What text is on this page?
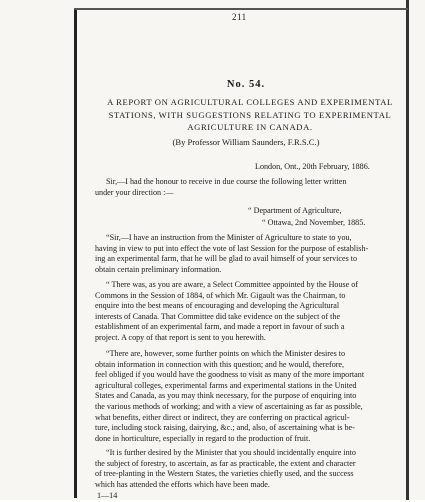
211
No. 54.
A REPORT ON AGRICULTURAL COLLEGES AND EXPERIMENTAL
STATIONS, WITH SUGGESTIONS RELATING TO EXPERIMENTAL
AGRICULTURE IN CANADA.
(By Professor William Saunders, F.R.S.C.)
London, Ont., 20th February, 1886.
Sir,—I had the honour to receive in due course the following letter written
under your direction :—
“ Department of Agriculture,
“ Ottawa, 2nd November, 1885.
“Sir,—I have an instruction from the Minister of Agriculture to state to you,
having in view to put into effect the vote of last Session for the purpose of establish-
ing an experimental farm, that he will be glad to avail himself of your services to
obtain certain preliminary information.
“ There was, as you are aware, a Select Committee appointed by the House of
Commons in the Session of 1884, of which Mr. Gigault was the Chairman, to
enquire into the best means of encouraging and developing the Agricultural
interests of Canada. That Committee did take evidence on the subject of the
establishment of an experimental farm, and made a report in favour of such a
project. A copy of that report is sent to you herewith.
“There are, however, some further points on which the Minister desires to
obtain information in connection with this question; and he would, therefore,
feel obliged if you would have the goodness to visit as many of the more important
agricultural colleges, experimental farms and experimental stations in the United
States and Canada, as you may think necessary, for the purpose of enquiring into
the various methods of working; and with a view of ascertaining as far as possible,
what benefits, either direct or indirect, they are conferring on practical agricul-
ture, including stock raising, dairying, &c.; and, also, of ascertaining what is be-
done in horticulture, especially in regard to the production of fruit.
“It is further desired by the Minister that you should incidentally enquire into
the subject of forestry, to ascertain, as far as practicable, the extent and character
of tree-planting in the Western States, the varieties chiefly used, and the success
which has attended the efforts which have been made.
1—14
